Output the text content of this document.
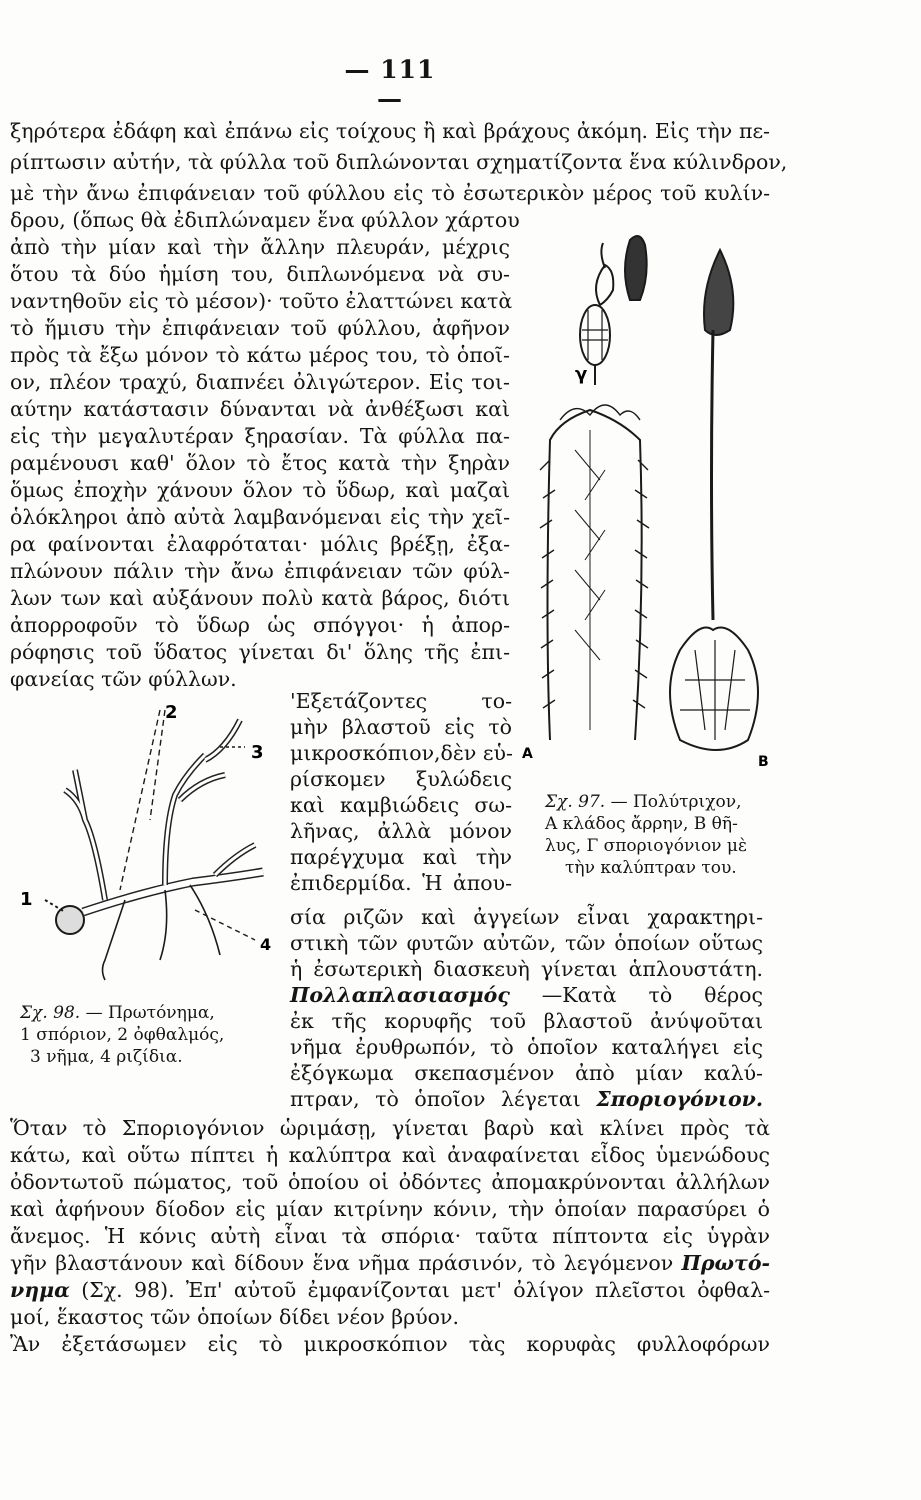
— 111 —
ξηρότερα ἐδάφη καὶ ἐπάνω εἰς τοίχους ἢ καὶ βράχους ἀκόμη. Εἰς τὴν πε-
ρίπτωσιν αὐτήν, τὰ φύλλα τοῦ διπλώνονται σχηματίζοντα ἕνα κύλινδρον,
μὲ τὴν ἄνω ἐπιφάνειαν τοῦ φύλλου εἰς τὸ ἐσωτερικὸν μέρος τοῦ κυλίν-
δρου, (ὅπως θὰ ἐδιπλώναμεν ἕνα φύλλον χάρτου
ἀπὸ τὴν μίαν καὶ τὴν ἄλλην πλευράν, μέχρις
ὅτου τὰ δύο ἡμίση του, διπλωνόμενα νὰ συ-
ναντηθοῦν εἰς τὸ μέσον)· τοῦτο ἐλαττώνει κατὰ
τὸ ἥμισυ τὴν ἐπιφάνειαν τοῦ φύλλου, ἀφῆνον
πρὸς τὰ ἔξω μόνον τὸ κάτω μέρος του, τὸ ὁποῖ-
ον, πλέον τραχύ, διαπνέει ὀλιγώτερον. Εἰς τοι-
αύτην κατάστασιν δύνανται νὰ ἀνθέξωσι καὶ
εἰς τὴν μεγαλυτέραν ξηρασίαν. Τὰ φύλλα πα-
ραμένουσι καθ' ὅλον τὸ ἔτος κατὰ τὴν ξηρὰν
ὅμως ἐποχὴν χάνουν ὅλον τὸ ὕδωρ, καὶ μαζαὶ
ὁλόκληροι ἀπὸ αὐτὰ λαμβανόμεναι εἰς τὴν χεῖ-
ρα φαίνονται ἐλαφρόταται· μόλις βρέξῃ, ἐξα-
πλώνουν πάλιν τὴν ἄνω ἐπιφάνειαν τῶν φύλ-
λων των καὶ αὐξάνουν πολὺ κατὰ βάρος, διότι
ἀπορροφοῦν τὸ ὕδωρ ὡς σπόγγοι· ἡ ἀπορ-
ρόφησις τοῦ ὕδατος γίνεται δι' ὅλης τῆς ἐπι-
φανείας τῶν φύλλων.
'Εξετάζοντες το-
μὴν βλαστοῦ εἰς τὸ
μικροσκόπιον,δὲν εὑ-
ρίσκομεν ξυλώδεις
καὶ καμβιώδεις σω-
λῆνας, ἀλλὰ μόνον
παρέγχυμα καὶ τὴν
ἐπιδερμίδα. Ἡ ἀπου-
σία ριζῶν καὶ ἀγγείων εἶναι χαρακτηρι-
στικὴ τῶν φυτῶν αὐτῶν, τῶν ὁποίων οὕτως
ἡ ἐσωτερικὴ διασκευὴ γίνεται ἁπλουστάτη.
Πολλαπλασιασμός —Κατὰ τὸ θέρος
ἐκ τῆς κορυφῆς τοῦ βλαστοῦ ἀνύψοῦται
νῆμα ἐρυθρωπόν, τὸ ὁποῖον καταλήγει εἰς
ἐξόγκωμα σκεπασμένον ἀπὸ μίαν καλύ-
πτραν, τὸ ὁποῖον λέγεται Σποριογόνιον.
Ὅταν τὸ Σποριογόνιον ὡριμάσῃ, γίνεται βαρὺ καὶ κλίνει πρὸς τὰ
κάτω, καὶ οὕτω πίπτει ἡ καλύπτρα καὶ ἀναφαίνεται εἶδος ὑμενώδους
ὀδοντωτοῦ πώματος, τοῦ ὁποίου οἱ ὀδόντες ἀπομακρύνονται ἀλλήλων
καὶ ἀφήνουν δίοδον εἰς μίαν κιτρίνην κόνιν, τὴν ὁποίαν παρασύρει ὁ
ἄνεμος. Ἡ κόνις αὐτὴ εἶναι τὰ σπόρια· ταῦτα πίπτοντα εἰς ὑγρὰν
γῆν βλαστάνουν καὶ δίδουν ἕνα νῆμα πράσινόν, τὸ λεγόμενον Πρωτό-
νημα (Σχ. 98). Ἐπ' αὐτοῦ ἐμφανίζονται μετ' ὀλίγον πλεῖστοι ὀφθαλ-
μοί, ἕκαστος τῶν ὁποίων δίδει νέον βρύον.
Ἂν ἐξετάσωμεν εἰς τὸ μικροσκόπιον τὰς κορυφὰς φυλλοφόρων
A	B
γ
Σχ. 97. — Πολύτριχον,
A κλάδος ἄρρην, B θῆ-
λυς, Γ σποριογόνιον μὲ
τὴν καλύπτραν του.
1
2
3
4
Σχ. 98. — Πρωτόνημα,
1 σπόριον, 2 ὀφθαλμός,
3 νῆμα, 4 ριζίδια.
